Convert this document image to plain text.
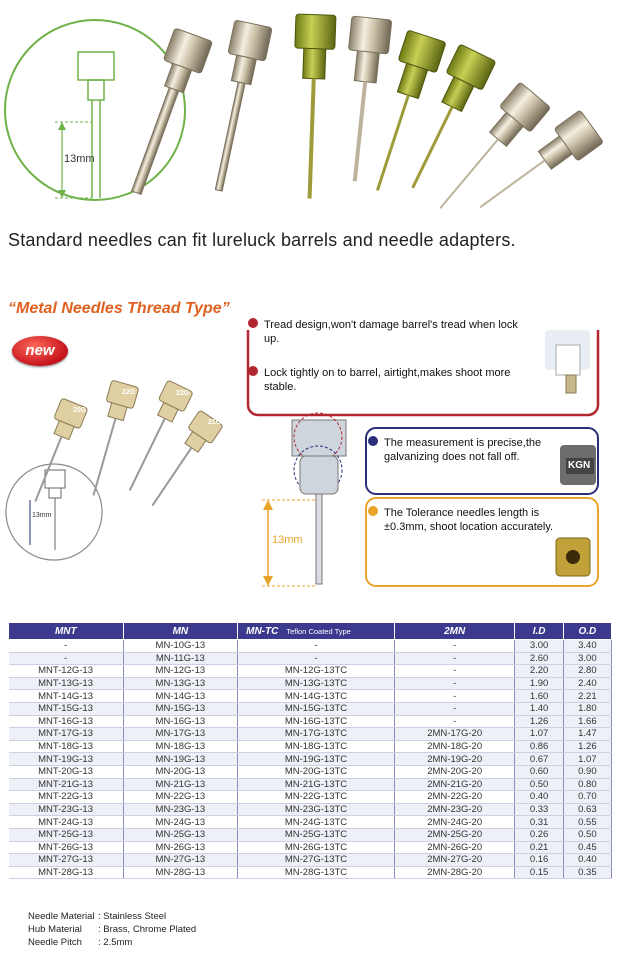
13mm
Standard needles can fit lureluck barrels and needle adapters.
“Metal Needles Thread Type”
new
20G
22G	22G
21G
13mm
13mm
KGN
Tread design,won't damage barrel's tread when lock up.
Lock tightly on to barrel, airtight,makes shoot more stable.
The measurement is precise,the galvanizing does not fall off.
The Tolerance needles length is ±0.3mm, shoot location accurately.
MNT	MN	MN-TC Teflon Coated Type	2MN	I.D	O.D
-	MN-10G-13	-	-	3.00	3.40
-	MN-11G-13	-	-	2.60	3.00
MNT-12G-13	MN-12G-13	MN-12G-13TC	-	2.20	2.80
MNT-13G-13	MN-13G-13	MN-13G-13TC	-	1.90	2.40
MNT-14G-13	MN-14G-13	MN-14G-13TC	-	1.60	2.21
MNT-15G-13	MN-15G-13	MN-15G-13TC	-	1.40	1.80
MNT-16G-13	MN-16G-13	MN-16G-13TC	-	1.26	1.66
MNT-17G-13	MN-17G-13	MN-17G-13TC	2MN-17G-20	1.07	1.47
MNT-18G-13	MN-18G-13	MN-18G-13TC	2MN-18G-20	0.86	1.26
MNT-19G-13	MN-19G-13	MN-19G-13TC	2MN-19G-20	0.67	1.07
MNT-20G-13	MN-20G-13	MN-20G-13TC	2MN-20G-20	0.60	0.90
MNT-21G-13	MN-21G-13	MN-21G-13TC	2MN-21G-20	0.50	0.80
MNT-22G-13	MN-22G-13	MN-22G-13TC	2MN-22G-20	0.40	0.70
MNT-23G-13	MN-23G-13	MN-23G-13TC	2MN-23G-20	0.33	0.63
MNT-24G-13	MN-24G-13	MN-24G-13TC	2MN-24G-20	0.31	0.55
MNT-25G-13	MN-25G-13	MN-25G-13TC	2MN-25G-20	0.26	0.50
MNT-26G-13	MN-26G-13	MN-26G-13TC	2MN-26G-20	0.21	0.45
MNT-27G-13	MN-27G-13	MN-27G-13TC	2MN-27G-20	0.16	0.40
MNT-28G-13	MN-28G-13	MN-28G-13TC	2MN-28G-20	0.15	0.35
Needle Material : Stainless Steel
Hub Material : Brass, Chrome Plated
Needle Pitch : 2.5mm
